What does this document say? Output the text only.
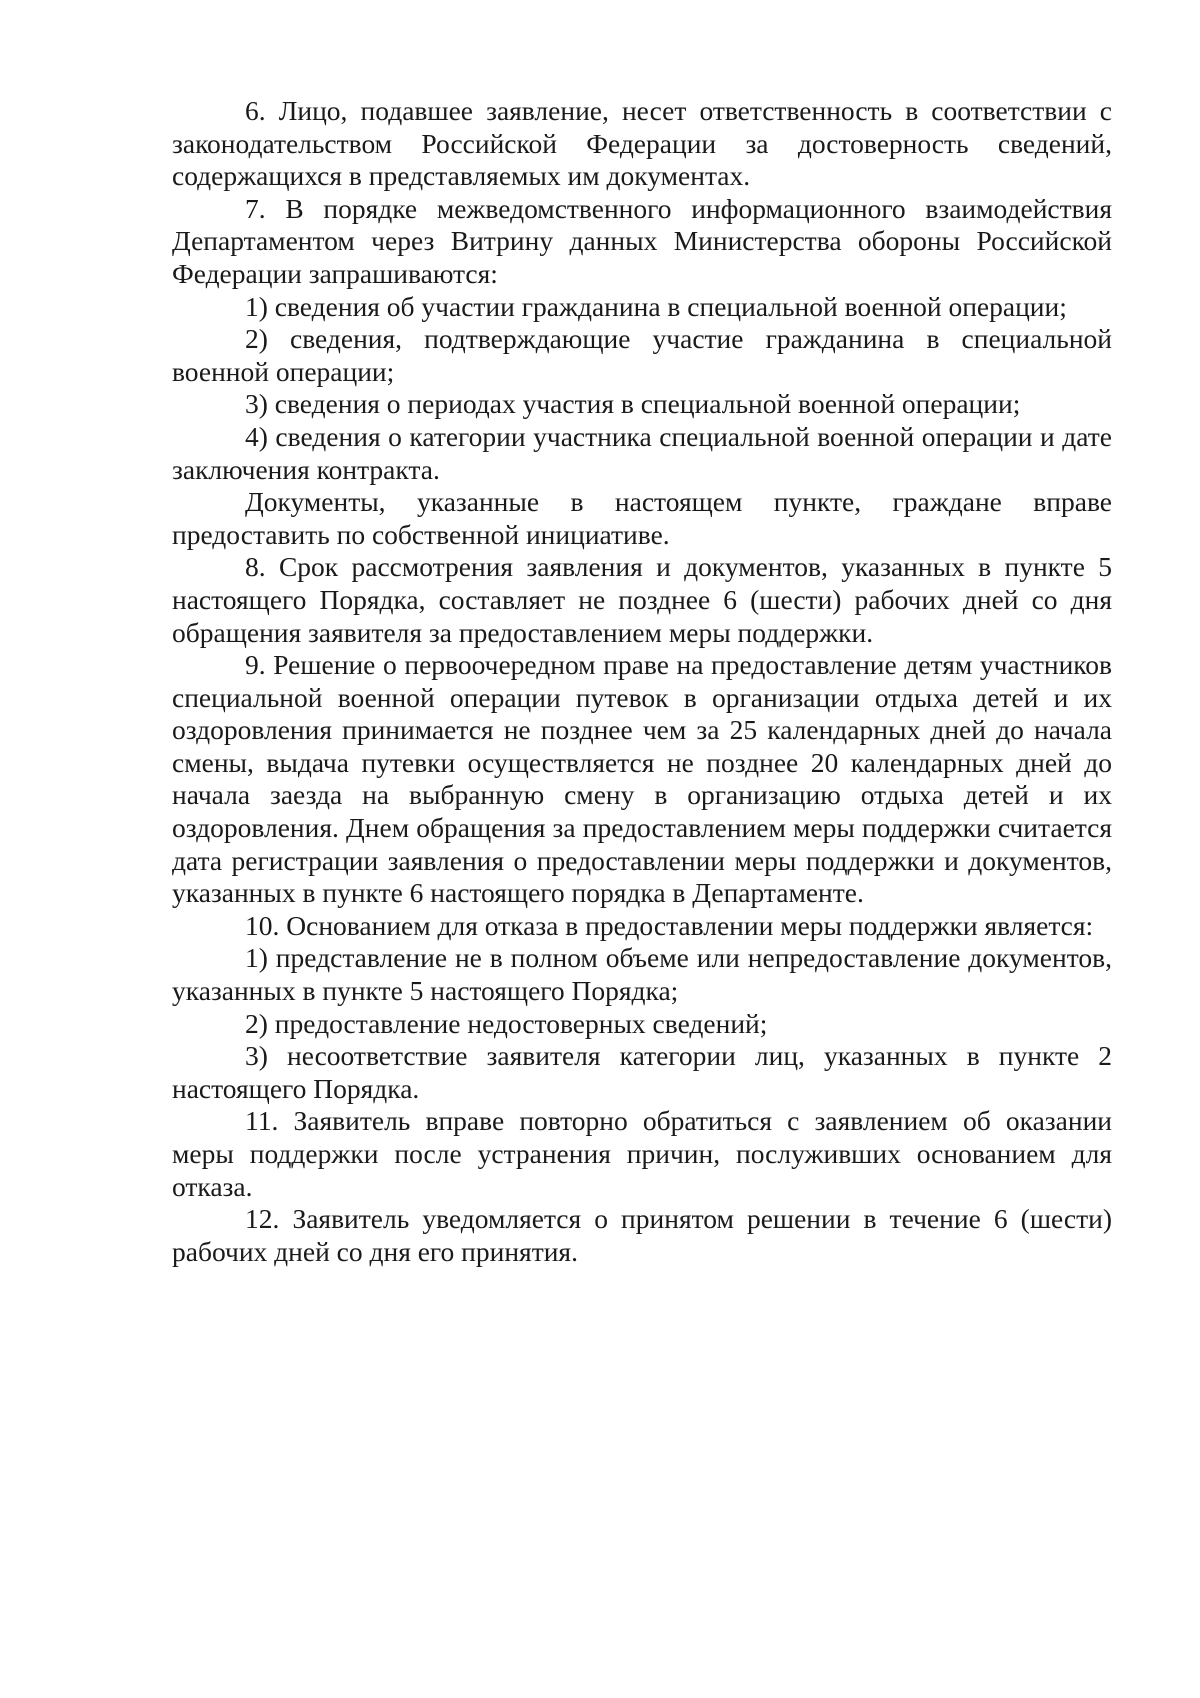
6. Лицо, подавшее заявление, несет ответственность в соответствии с законодательством Российской Федерации за достоверность сведений, содержащихся в представляемых им документах.

7. В порядке межведомственного информационного взаимодействия Департаментом через Витрину данных Министерства обороны Российской Федерации запрашиваются:

1) сведения об участии гражданина в специальной военной операции;

2) сведения, подтверждающие участие гражданина в специальной военной операции;

3) сведения о периодах участия в специальной военной операции;

4) сведения о категории участника специальной военной операции и дате заключения контракта.

Документы, указанные в настоящем пункте, граждане вправе предоставить по собственной инициативе.

8. Срок рассмотрения заявления и документов, указанных в пункте 5 настоящего Порядка, составляет не позднее 6 (шести) рабочих дней со дня обращения заявителя за предоставлением меры поддержки.

9. Решение о первоочередном праве на предоставление детям участников специальной военной операции путевок в организации отдыха детей и их оздоровления принимается не позднее чем за 25 календарных дней до начала смены, выдача путевки осуществляется не позднее 20 календарных дней до начала заезда на выбранную смену в организацию отдыха детей и их оздоровления. Днем обращения за предоставлением меры поддержки считается дата регистрации заявления о предоставлении меры поддержки и документов, указанных в пункте 6 настоящего порядка в Департаменте.

10. Основанием для отказа в предоставлении меры поддержки является:

1) представление не в полном объеме или непредоставление документов, указанных в пункте 5 настоящего Порядка;

2) предоставление недостоверных сведений;

3) несоответствие заявителя категории лиц, указанных в пункте 2 настоящего Порядка.

11. Заявитель вправе повторно обратиться с заявлением об оказании меры поддержки после устранения причин, послуживших основанием для отказа.

12. Заявитель уведомляется о принятом решении в течение 6 (шести) рабочих дней со дня его принятия.
